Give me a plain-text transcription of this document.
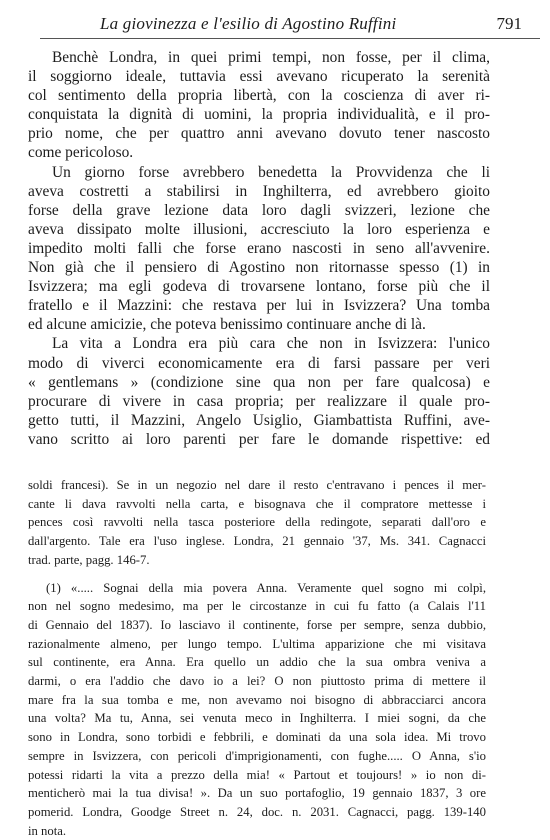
La giovinezza e l'esilio di Agostino Ruffini	791
Benchè Londra, in quei primi tempi, non fosse, per il clima,
il soggiorno ideale, tuttavia essi avevano ricuperato la serenità
col sentimento della propria libertà, con la coscienza di aver ri-
conquistata la dignità di uomini, la propria individualità, e il pro-
prio nome, che per quattro anni avevano dovuto tener nascosto
come pericoloso.
Un giorno forse avrebbero benedetta la Provvidenza che li
aveva costretti a stabilirsi in Inghilterra, ed avrebbero gioito
forse della grave lezione data loro dagli svizzeri, lezione che
aveva dissipato molte illusioni, accresciuto la loro esperienza e
impedito molti falli che forse erano nascosti in seno all'avvenire.
Non già che il pensiero di Agostino non ritornasse spesso (1) in
Isvizzera; ma egli godeva di trovarsene lontano, forse più che il
fratello e il Mazzini: che restava per lui in Isvizzera? Una tomba
ed alcune amicizie, che poteva benissimo continuare anche di là.
La vita a Londra era più cara che non in Isvizzera: l'unico
modo di viverci economicamente era di farsi passare per veri
« gentlemans » (condizione sine qua non per fare qualcosa) e
procurare di vivere in casa propria; per realizzare il quale pro-
getto tutti, il Mazzini, Angelo Usiglio, Giambattista Ruffini, ave-
vano scritto ai loro parenti per fare le domande rispettive: ed
soldi francesi). Se in un negozio nel dare il resto c'entravano i pences il mer-
cante li dava ravvolti nella carta, e bisognava che il compratore mettesse i
pences così ravvolti nella tasca posteriore della redingote, separati dall'oro e
dall'argento. Tale era l'uso inglese. Londra, 21 gennaio '37, Ms. 341. Cagnacci
trad. parte, pagg. 146-7.
(1) «..... Sognai della mia povera Anna. Veramente quel sogno mi colpì,
non nel sogno medesimo, ma per le circostanze in cui fu fatto (a Calais l'11
di Gennaio del 1837). Io lasciavo il continente, forse per sempre, senza dubbio,
razionalmente almeno, per lungo tempo. L'ultima apparizione che mi visitava
sul continente, era Anna. Era quello un addio che la sua ombra veniva a
darmi, o era l'addio che davo io a lei? O non piuttosto prima di mettere il
mare fra la sua tomba e me, non avevamo noi bisogno di abbracciarci ancora
una volta? Ma tu, Anna, sei venuta meco in Inghilterra. I miei sogni, da che
sono in Londra, sono torbidi e febbrili, e dominati da una sola idea. Mi trovo
sempre in Isvizzera, con pericoli d'imprigionamenti, con fughe..... O Anna, s'io
potessi ridarti la vita a prezzo della mia! « Partout et toujours! » io non di-
menticherò mai la tua divisa! ». Da un suo portafoglio, 19 gennaio 1837, 3 ore
pomerid. Londra, Goodge Street n. 24, doc. n. 2031. Cagnacci, pagg. 139-140
in nota.
